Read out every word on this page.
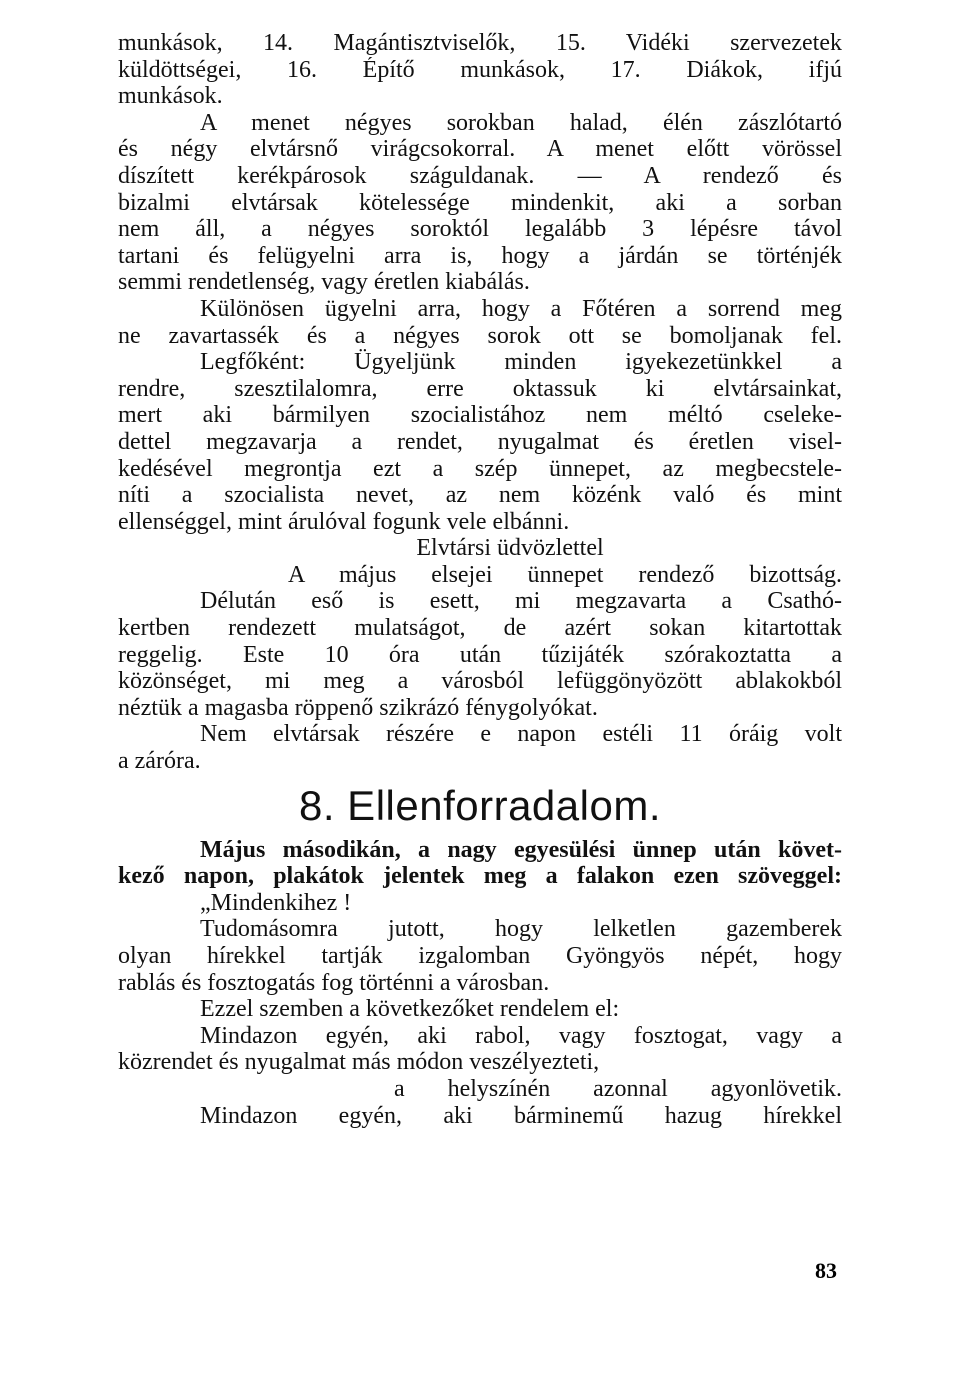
munkások, 14. Magántisztviselők, 15. Vidéki szervezetek
küldöttségei, 16. Építő munkások, 17. Diákok, ifjú
munkások.
A menet négyes sorokban halad, élén zászlótartó
és négy elvtársnő virágcsokorral. A menet előtt vörössel
díszített kerékpárosok száguldanak. — A rendező és
bizalmi elvtársak kötelessége mindenkit, aki a sorban
nem áll, a négyes soroktól legalább 3 lépésre távol
tartani és felügyelni arra is, hogy a járdán se történjék
semmi rendetlenség, vagy éretlen kiabálás.
Különösen ügyelni arra, hogy a Főtéren a sorrend meg
ne zavartassék és a négyes sorok ott se bomoljanak fel.
Legfőként: Ügyeljünk minden igyekezetünkkel a
rendre, szesztilalomra, erre oktassuk ki elvtársainkat,
mert aki bármilyen szocialistához nem méltó cseleke-
dettel megzavarja a rendet, nyugalmat és éretlen visel-
kedésével megrontja ezt a szép ünnepet, az megbecstele-
níti a szocialista nevet, az nem közénk való és mint
ellenséggel, mint árulóval fogunk vele elbánni.
Elvtársi üdvözlettel
A május elsejei ünnepet rendező bizottság.
Délután eső is esett, mi megzavarta a Csathó-
kertben rendezett mulatságot, de azért sokan kitartottak
reggelig. Este 10 óra után tűzijáték szórakoztatta a
közönséget, mi meg a városból lefüggönyözött ablakokból
néztük a magasba röppenő szikrázó fénygolyókat.
Nem elvtársak részére e napon estéli 11 óráig volt
a záróra.
8. Ellenforradalom.
Május másodikán, a nagy egyesülési ünnep után követ-
kező napon, plakátok jelentek meg a falakon ezen szöveggel:
„Mindenkihez !
Tudomásomra jutott, hogy lelketlen gazemberek
olyan hírekkel tartják izgalomban Gyöngyös népét, hogy
rablás és fosztogatás fog történni a városban.
Ezzel szemben a következőket rendelem el:
Mindazon egyén, aki rabol, vagy fosztogat, vagy a
közrendet és nyugalmat más módon veszélyezteti,
a helyszínén azonnal agyonlövetik.
Mindazon egyén, aki bárminemű hazug hírekkel
83
